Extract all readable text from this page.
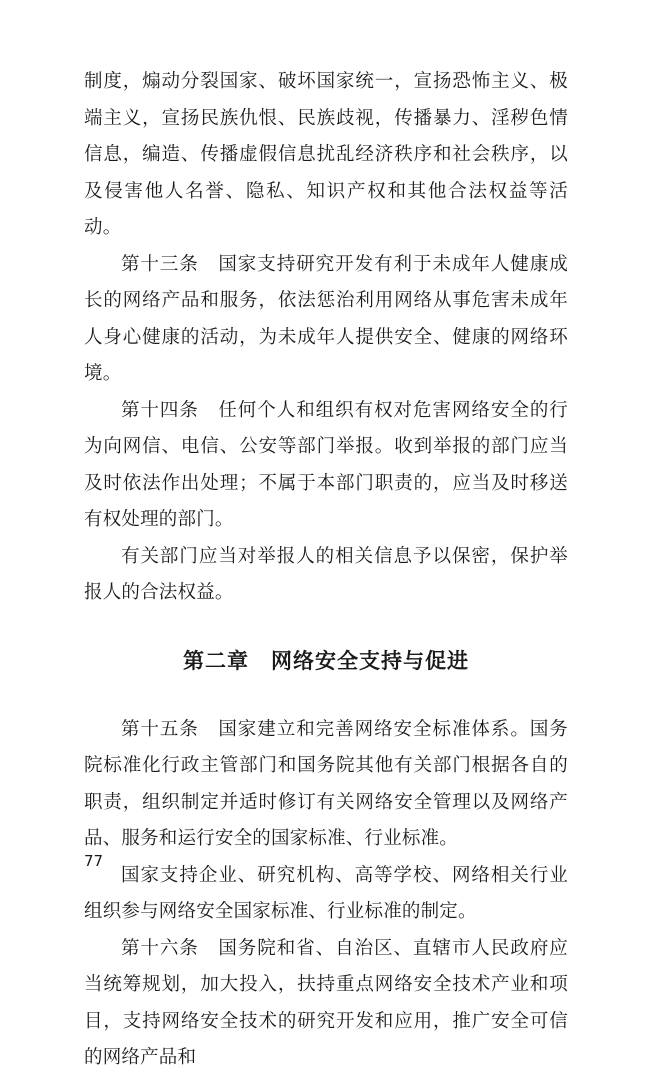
制度，煽动分裂国家、破坏国家统一，宣扬恐怖主义、极端主义，宣扬民族仇恨、民族歧视，传播暴力、淫秽色情信息，编造、传播虚假信息扰乱经济秩序和社会秩序，以及侵害他人名誉、隐私、知识产权和其他合法权益等活动。

第十三条　国家支持研究开发有利于未成年人健康成长的网络产品和服务，依法惩治利用网络从事危害未成年人身心健康的活动，为未成年人提供安全、健康的网络环境。

第十四条　任何个人和组织有权对危害网络安全的行为向网信、电信、公安等部门举报。收到举报的部门应当及时依法作出处理；不属于本部门职责的，应当及时移送有权处理的部门。

有关部门应当对举报人的相关信息予以保密，保护举报人的合法权益。

第二章　网络安全支持与促进

第十五条　国家建立和完善网络安全标准体系。国务院标准化行政主管部门和国务院其他有关部门根据各自的职责，组织制定并适时修订有关网络安全管理以及网络产品、服务和运行安全的国家标准、行业标准。

国家支持企业、研究机构、高等学校、网络相关行业组织参与网络安全国家标准、行业标准的制定。

第十六条　国务院和省、自治区、直辖市人民政府应当统筹规划，加大投入，扶持重点网络安全技术产业和项目，支持网络安全技术的研究开发和应用，推广安全可信的网络产品和

77
